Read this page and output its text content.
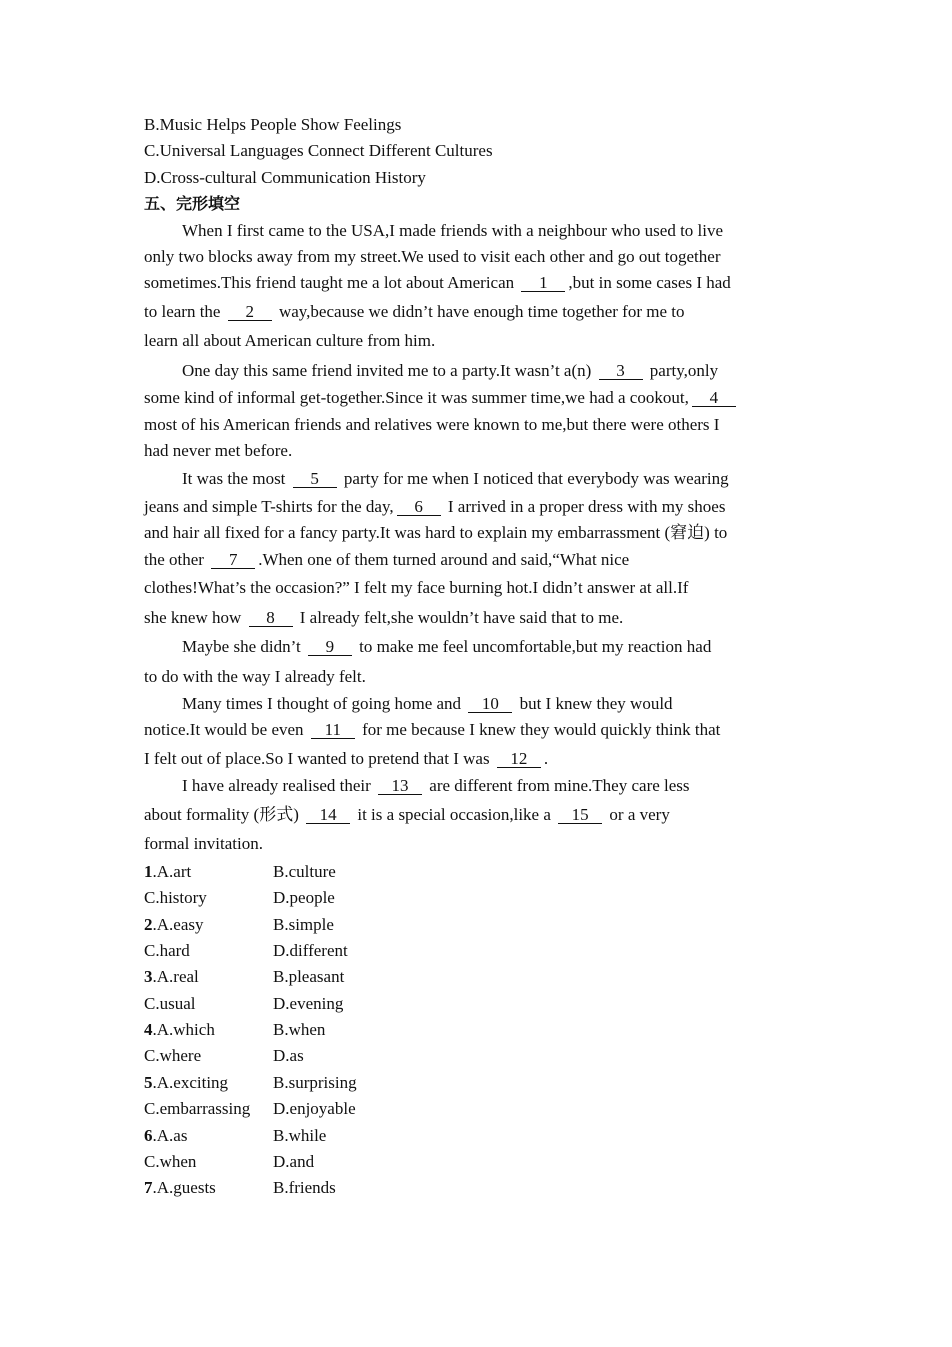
B.Music Helps People Show Feelings
C.Universal Languages Connect Different Cultures
D.Cross-cultural Communication History
五、完形填空
When I first came to the USA,I made friends with a neighbour who used to live
only two blocks away from my street.We used to visit each other and go out together
sometimes.This friend taught me a lot about American 1 ,but in some cases I had
to learn the 2 way,because we didn’t have enough time together for me to
learn all about American culture from him.
One day this same friend invited me to a party.It wasn’t a(n) 3 party,only
some kind of informal get-together.Since it was summer time,we had a cookout, 4
most of his American friends and relatives were known to me,but there were others I
had never met before.
It was the most 5 party for me when I noticed that everybody was wearing
jeans and simple T-shirts for the day, 6 I arrived in a proper dress with my shoes
and hair all fixed for a fancy party.It was hard to explain my embarrassment (窘迫) to
the other 7 .When one of them turned around and said,“What nice
clothes!What’s the occasion?” I felt my face burning hot.I didn’t answer at all.If
she knew how 8 I already felt,she wouldn’t have said that to me.
Maybe she didn’t 9 to make me feel uncomfortable,but my reaction had
to do with the way I already felt.
Many times I thought of going home and 10 but I knew they would
notice.It would be even 11 for me because I knew they would quickly think that
I felt out of place.So I wanted to pretend that I was 12 .
I have already realised their 13 are different from mine.They care less
about formality (形式) 14 it is a special occasion,like a 15 or a very
formal invitation.
1.A.art	B.culture
C.history	D.people
2.A.easy	B.simple
C.hard	D.different
3.A.real	B.pleasant
C.usual	D.evening
4.A.which	B.when
C.where	D.as
5.A.exciting	B.surprising
C.embarrassing D.enjoyable
6.A.as	B.while
C.when	D.and
7.A.guests	B.friends
